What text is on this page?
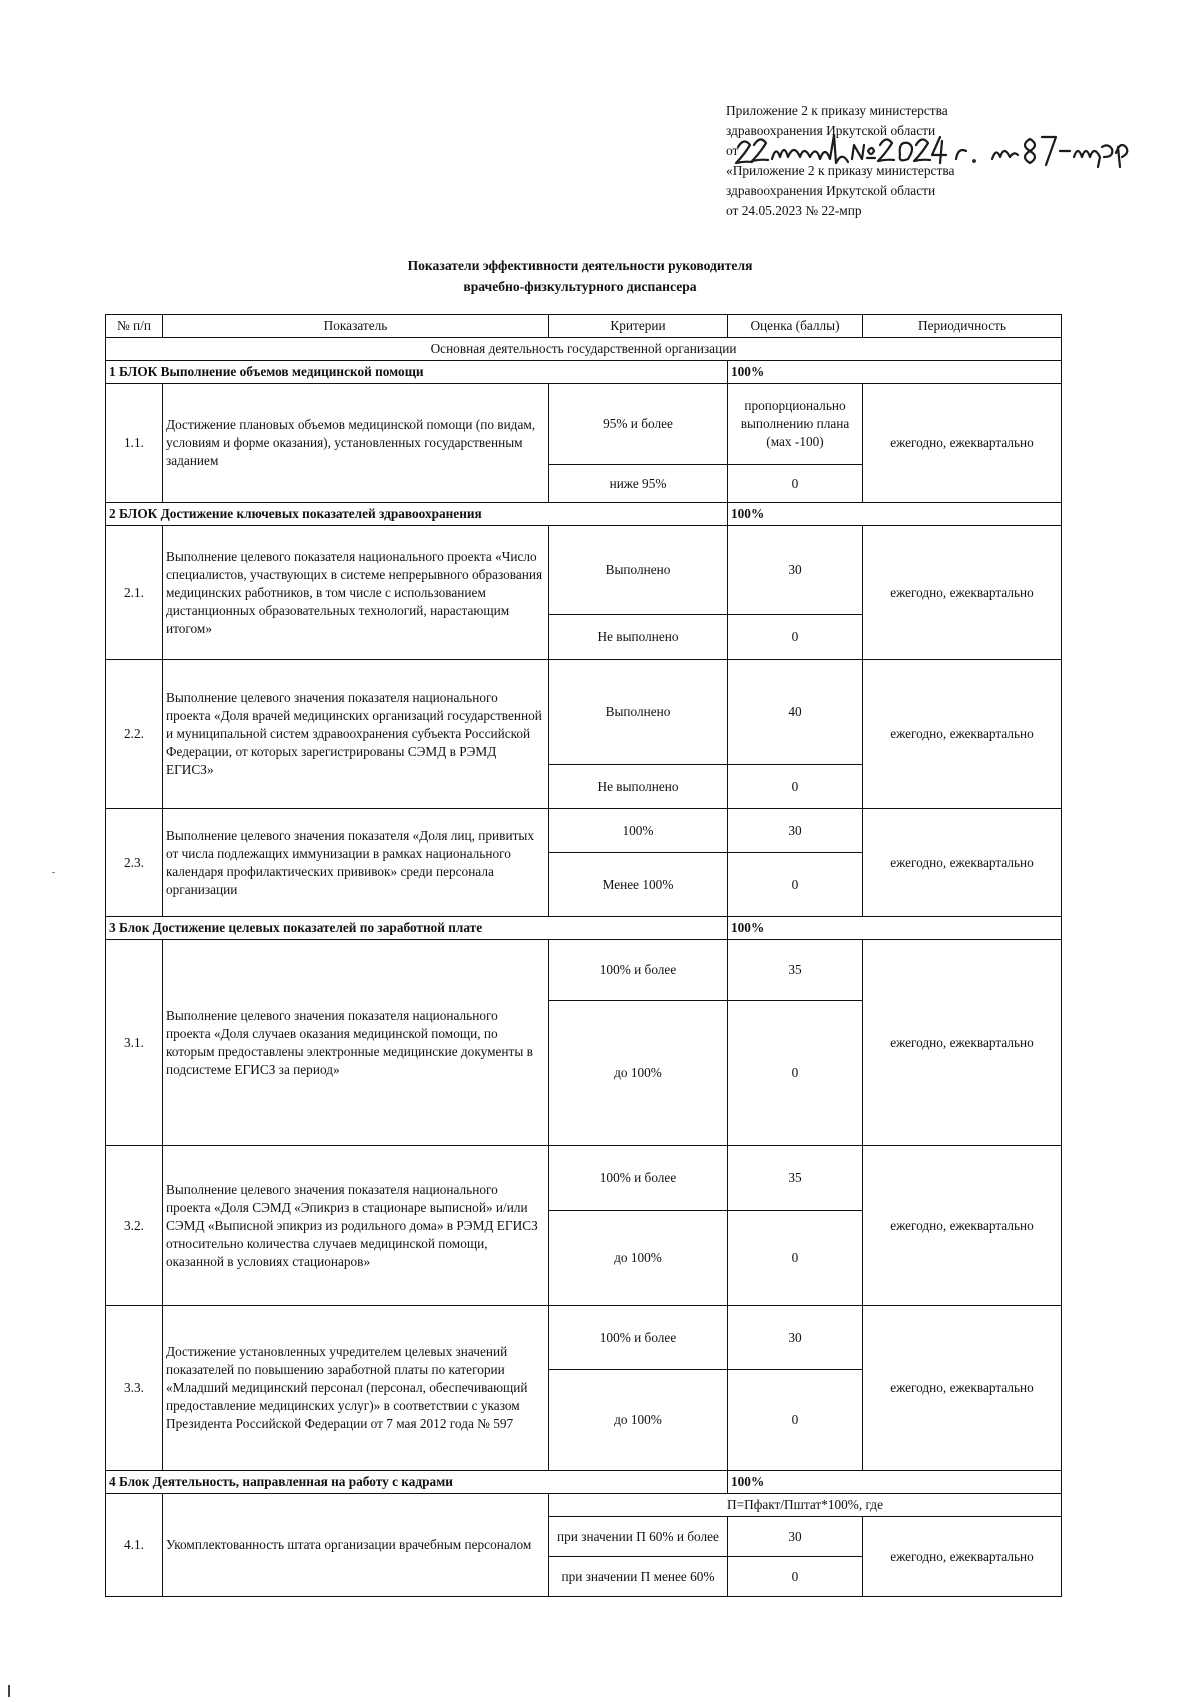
Приложение 2 к приказу министерства
здравоохранения Иркутской области
от
«Приложение 2 к приказу министерства
здравоохранения Иркутской области
от 24.05.2023 № 22-мпр
Показатели эффективности деятельности руководителя
врачебно-физкультурного диспансера
№ п/п	Показатель	Критерии	Оценка (баллы)	Периодичность
Основная деятельность государственной организации				
1 БЛОК Выполнение объемов медицинской помощи			100%	
1.1.	Достижение плановых объемов медицинской помощи (по видам, условиям и форме оказания), установленных государственным заданием	95% и более	пропорционально выполнению плана (мах -100)	ежегодно, ежеквартально
		ниже 95%	0	
2 БЛОК Достижение ключевых показателей здравоохранения			100%	
2.1.	Выполнение целевого показателя национального проекта «Число специалистов, участвующих в системе непрерывного образования медицинских работников, в том числе с использованием дистанционных образовательных технологий, нарастающим итогом»	Выполнено	30	ежегодно, ежеквартально
		Не выполнено	0	
2.2.	Выполнение целевого значения показателя национального проекта «Доля врачей медицинских организаций государственной и муниципальной систем здравоохранения субъекта Российской Федерации, от которых зарегистрированы СЭМД в РЭМД ЕГИСЗ»	Выполнено	40	ежегодно, ежеквартально
		Не выполнено	0	
2.3.	Выполнение целевого значения показателя «Доля лиц, привитых от числа подлежащих иммунизации в рамках национального календаря профилактических прививок» среди персонала организации	100%	30	ежегодно, ежеквартально
		Менее 100%	0	
3 Блок Достижение целевых показателей по заработной плате			100%	
3.1.	Выполнение целевого значения показателя национального проекта «Доля случаев оказания медицинской помощи, по которым предоставлены электронные медицинские документы в подсистеме ЕГИСЗ за период»	100% и более	35	ежегодно, ежеквартально
		до 100%	0	
3.2.	Выполнение целевого значения показателя национального проекта «Доля СЭМД «Эпикриз в стационаре выписной» и/или СЭМД «Выписной эпикриз из родильного дома» в РЭМД ЕГИСЗ относительно количества случаев медицинской помощи, оказанной в условиях стационаров»	100% и более	35	ежегодно, ежеквартально
		до 100%	0	
3.3.	Достижение установленных учредителем целевых значений показателей по повышению заработной платы по категории «Младший медицинский персонал (персонал, обеспечивающий предоставление медицинских услуг)» в соответствии с указом Президента Российской Федерации от 7 мая 2012 года № 597	100% и более	30	ежегодно, ежеквартально
		до 100%	0	
4 Блок Деятельность, направленная на работу с кадрами			100%	
4.1.	Укомплектованность штата организации врачебным персоналом	П=Пфакт/Пштат*100%, где		
		при значении П 60% и более	30	ежегодно, ежеквартально
		при значении П менее 60%	0	
